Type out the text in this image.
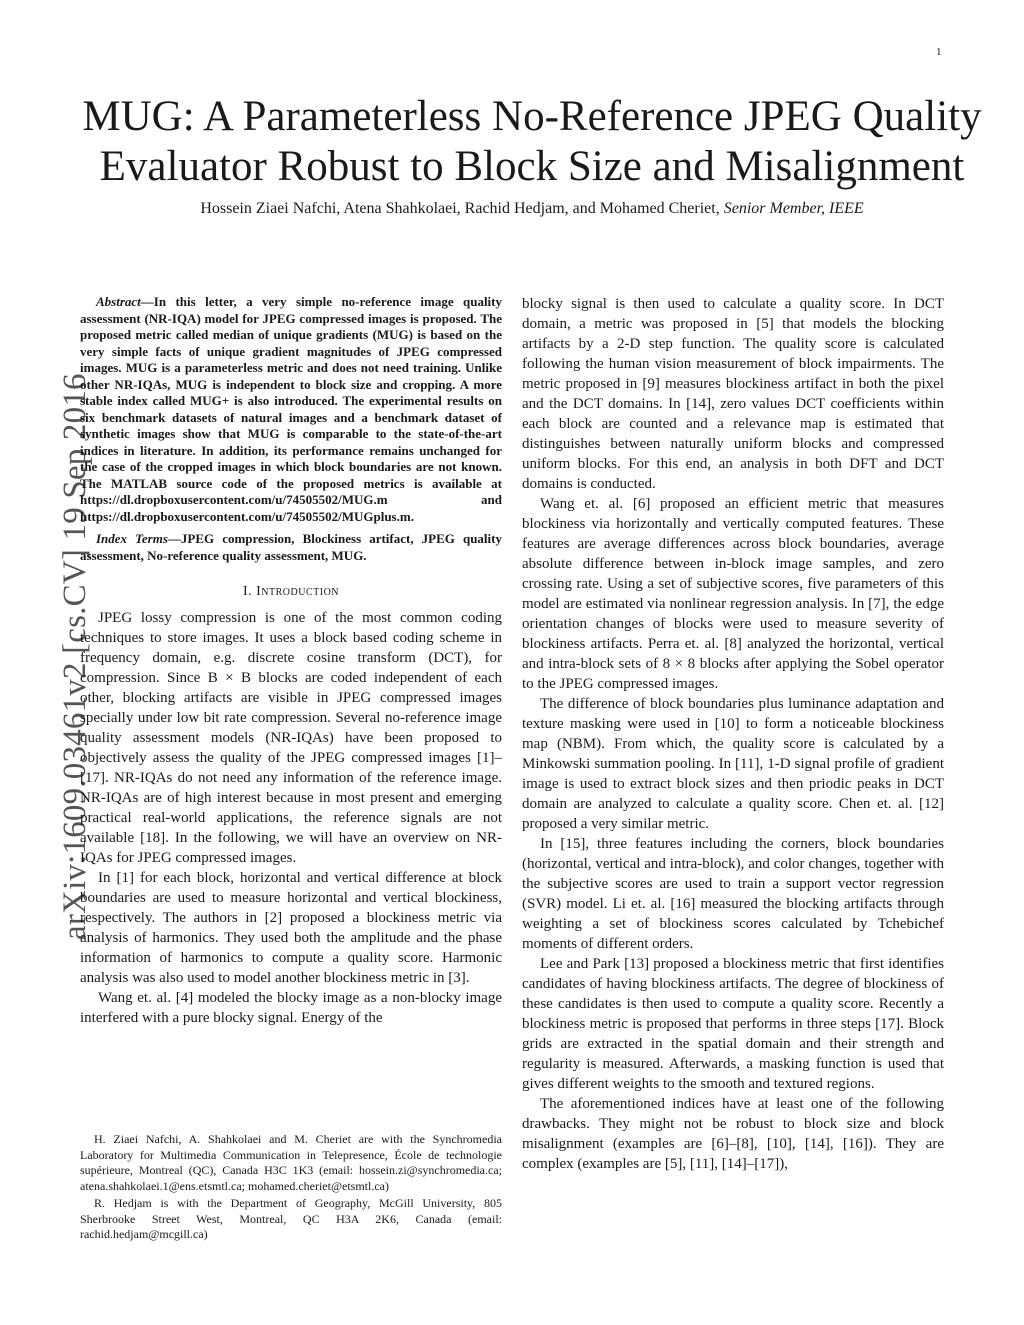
1
arXiv:1609.03461v2 [cs.CV] 19 Sep 2016
MUG: A Parameterless No-Reference JPEG Quality
Evaluator Robust to Block Size and Misalignment
Hossein Ziaei Nafchi, Atena Shahkolaei, Rachid Hedjam, and Mohamed Cheriet, Senior Member, IEEE

Abstract—In this letter, a very simple no-reference image quality assessment (NR-IQA) model for JPEG compressed images is proposed. The proposed metric called median of unique gradients (MUG) is based on the very simple facts of unique gradient magnitudes of JPEG compressed images. MUG is a parameterless metric and does not need training. Unlike other NR-IQAs, MUG is independent to block size and cropping. A more stable index called MUG+ is also introduced. The experimental results on six benchmark datasets of natural images and a benchmark dataset of synthetic images show that MUG is comparable to the state-of-the-art indices in literature. In addition, its performance remains unchanged for the case of the cropped images in which block boundaries are not known. The MATLAB source code of the proposed metrics is available at https://dl.dropboxusercontent.com/u/74505502/MUG.m and https://dl.dropboxusercontent.com/u/74505502/MUGplus.m.

Index Terms—JPEG compression, Blockiness artifact, JPEG quality assessment, No-reference quality assessment, MUG.

I. Introduction

JPEG lossy compression is one of the most common coding techniques to store images. It uses a block based coding scheme in frequency domain, e.g. discrete cosine transform (DCT), for compression. Since B × B blocks are coded independent of each other, blocking artifacts are visible in JPEG compressed images specially under low bit rate compression. Several no-reference image quality assessment models (NR-IQAs) have been proposed to objectively assess the quality of the JPEG compressed images [1]–[17]. NR-IQAs do not need any information of the reference image. NR-IQAs are of high interest because in most present and emerging practical real-world applications, the reference signals are not available [18]. In the following, we will have an overview on NR-IQAs for JPEG compressed images.

In [1] for each block, horizontal and vertical difference at block boundaries are used to measure horizontal and vertical blockiness, respectively. The authors in [2] proposed a blockiness metric via analysis of harmonics. They used both the amplitude and the phase information of harmonics to compute a quality score. Harmonic analysis was also used to model another blockiness metric in [3].

Wang et. al. [4] modeled the blocky image as a non-blocky image interfered with a pure blocky signal. Energy of the

H. Ziaei Nafchi, A. Shahkolaei and M. Cheriet are with the Synchromedia Laboratory for Multimedia Communication in Telepresence, École de technologie supérieure, Montreal (QC), Canada H3C 1K3 (email: hossein.zi@synchromedia.ca; atena.shahkolaei.1@ens.etsmtl.ca; mohamed.cheriet@etsmtl.ca)

R. Hedjam is with the Department of Geography, McGill University, 805 Sherbrooke Street West, Montreal, QC H3A 2K6, Canada (email: rachid.hedjam@mcgill.ca)

blocky signal is then used to calculate a quality score. In DCT domain, a metric was proposed in [5] that models the blocking artifacts by a 2-D step function. The quality score is calculated following the human vision measurement of block impairments. The metric proposed in [9] measures blockiness artifact in both the pixel and the DCT domains. In [14], zero values DCT coefficients within each block are counted and a relevance map is estimated that distinguishes between naturally uniform blocks and compressed uniform blocks. For this end, an analysis in both DFT and DCT domains is conducted.

Wang et. al. [6] proposed an efficient metric that measures blockiness via horizontally and vertically computed features. These features are average differences across block boundaries, average absolute difference between in-block image samples, and zero crossing rate. Using a set of subjective scores, five parameters of this model are estimated via nonlinear regression analysis. In [7], the edge orientation changes of blocks were used to measure severity of blockiness artifacts. Perra et. al. [8] analyzed the horizontal, vertical and intra-block sets of 8 × 8 blocks after applying the Sobel operator to the JPEG compressed images.

The difference of block boundaries plus luminance adaptation and texture masking were used in [10] to form a noticeable blockiness map (NBM). From which, the quality score is calculated by a Minkowski summation pooling. In [11], 1-D signal profile of gradient image is used to extract block sizes and then priodic peaks in DCT domain are analyzed to calculate a quality score. Chen et. al. [12] proposed a very similar metric.

In [15], three features including the corners, block boundaries (horizontal, vertical and intra-block), and color changes, together with the subjective scores are used to train a support vector regression (SVR) model. Li et. al. [16] measured the blocking artifacts through weighting a set of blockiness scores calculated by Tchebichef moments of different orders.

Lee and Park [13] proposed a blockiness metric that first identifies candidates of having blockiness artifacts. The degree of blockiness of these candidates is then used to compute a quality score. Recently a blockiness metric is proposed that performs in three steps [17]. Block grids are extracted in the spatial domain and their strength and regularity is measured. Afterwards, a masking function is used that gives different weights to the smooth and textured regions.

The aforementioned indices have at least one of the following drawbacks. They might not be robust to block size and block misalignment (examples are [6]–[8], [10], [14], [16]). They are complex (examples are [5], [11], [14]–[17]),
